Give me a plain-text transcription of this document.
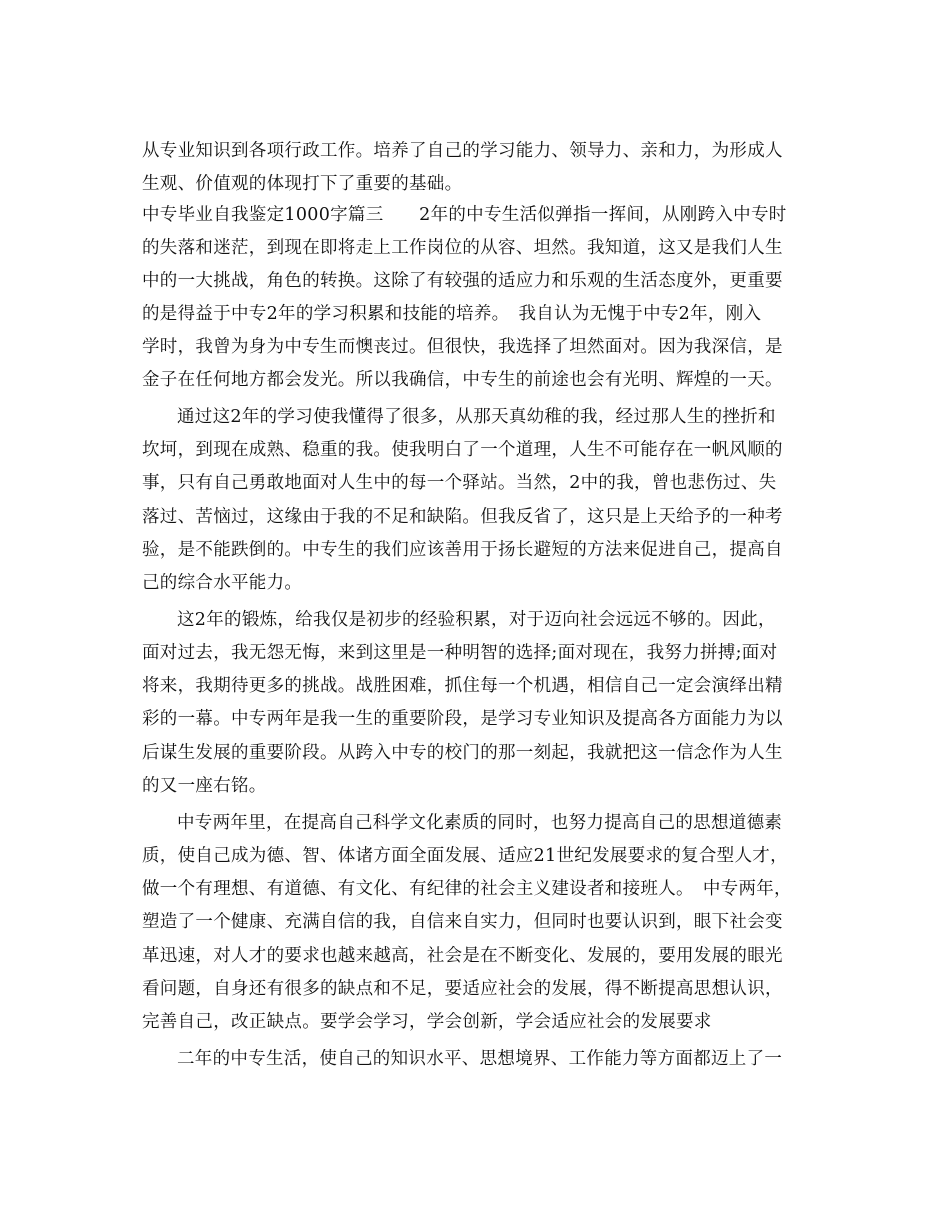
从专业知识到各项行政工作。培养了自己的学习能力、领导力、亲和力，为形成人

生观、价值观的体现打下了重要的基础。

中专毕业自我鉴定1000字篇三　　2年的中专生活似弹指一挥间，从刚跨入中专时

的失落和迷茫，到现在即将走上工作岗位的从容、坦然。我知道，这又是我们人生

中的一大挑战，角色的转换。这除了有较强的适应力和乐观的生活态度外，更重要

的是得益于中专2年的学习积累和技能的培养。　我自认为无愧于中专2年，刚入

学时，我曾为身为中专生而懊丧过。但很快，我选择了坦然面对。因为我深信，是

金子在任何地方都会发光。所以我确信，中专生的前途也会有光明、辉煌的一天。

通过这2年的学习使我懂得了很多，从那天真幼稚的我，经过那人生的挫折和

坎坷，到现在成熟、稳重的我。使我明白了一个道理，人生不可能存在一帆风顺的

事，只有自己勇敢地面对人生中的每一个驿站。当然，2中的我，曾也悲伤过、失

落过、苦恼过，这缘由于我的不足和缺陷。但我反省了，这只是上天给予的一种考

验，是不能跌倒的。中专生的我们应该善用于扬长避短的方法来促进自己，提高自

己的综合水平能力。

这2年的锻炼，给我仅是初步的经验积累，对于迈向社会远远不够的。因此，

面对过去，我无怨无悔，来到这里是一种明智的选择;面对现在，我努力拼搏;面对

将来，我期待更多的挑战。战胜困难，抓住每一个机遇，相信自己一定会演绎出精

彩的一幕。中专两年是我一生的重要阶段，是学习专业知识及提高各方面能力为以

后谋生发展的重要阶段。从跨入中专的校门的那一刻起，我就把这一信念作为人生

的又一座右铭。

中专两年里，在提高自己科学文化素质的同时，也努力提高自己的思想道德素

质，使自己成为德、智、体诸方面全面发展、适应21世纪发展要求的复合型人才，

做一个有理想、有道德、有文化、有纪律的社会主义建设者和接班人。　中专两年，

塑造了一个健康、充满自信的我，自信来自实力，但同时也要认识到，眼下社会变

革迅速，对人才的要求也越来越高，社会是在不断变化、发展的，要用发展的眼光

看问题，自身还有很多的缺点和不足，要适应社会的发展，得不断提高思想认识，

完善自己，改正缺点。要学会学习，学会创新，学会适应社会的发展要求

二年的中专生活，使自己的知识水平、思想境界、工作能力等方面都迈上了一
